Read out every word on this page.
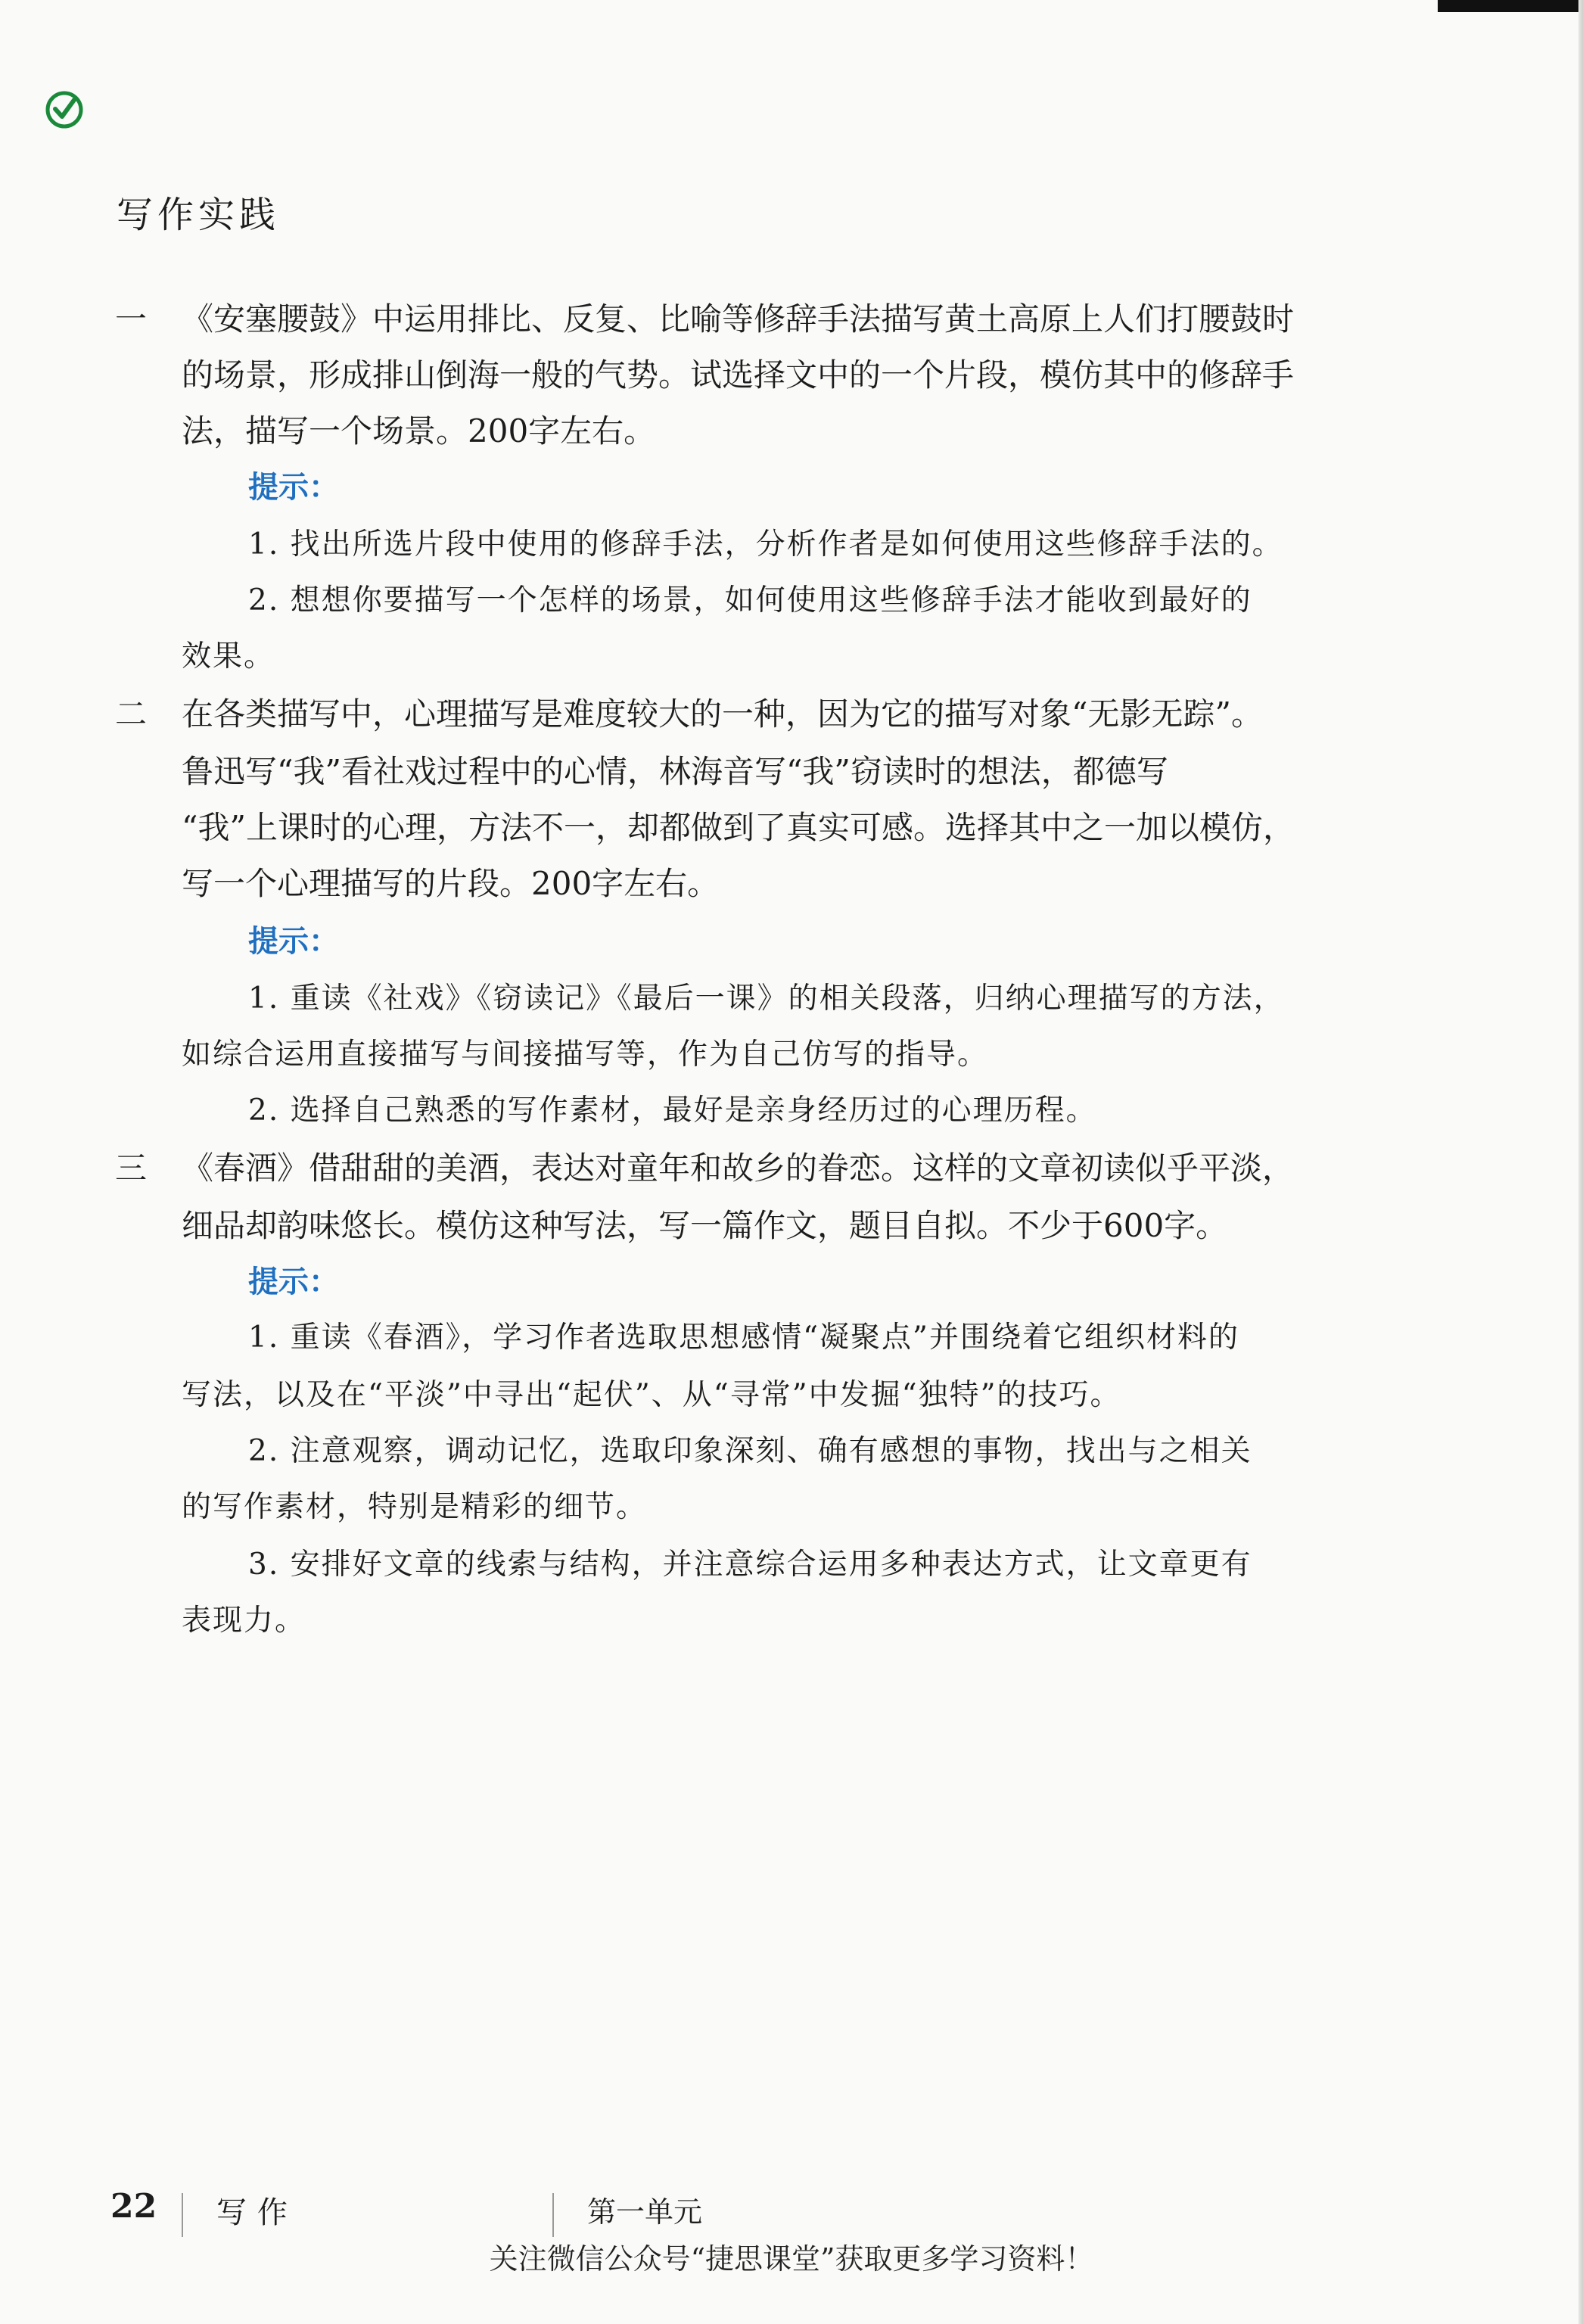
写作实践
一 《安塞腰鼓》中运用排比、反复、比喻等修辞手法描写黄土高原上人们打腰鼓时
的场景，形成排山倒海一般的气势。试选择文中的一个片段，模仿其中的修辞手
法，描写一个场景。200字左右。
提示：
1. 找出所选片段中使用的修辞手法，分析作者是如何使用这些修辞手法的。
2. 想想你要描写一个怎样的场景，如何使用这些修辞手法才能收到最好的
效果。
二 在各类描写中，心理描写是难度较大的一种，因为它的描写对象“无影无踪”。
鲁迅写“我”看社戏过程中的心情，林海音写“我”窃读时的想法，都德写
“我”上课时的心理，方法不一，却都做到了真实可感。选择其中之一加以模仿，
写一个心理描写的片段。200字左右。
提示：
1. 重读《社戏》《窃读记》《最后一课》的相关段落，归纳心理描写的方法，
如综合运用直接描写与间接描写等，作为自己仿写的指导。
2. 选择自己熟悉的写作素材，最好是亲身经历过的心理历程。
三 《春酒》借甜甜的美酒，表达对童年和故乡的眷恋。这样的文章初读似乎平淡，
细品却韵味悠长。模仿这种写法，写一篇作文，题目自拟。不少于600字。
提示：
1. 重读《春酒》，学习作者选取思想感情“凝聚点”并围绕着它组织材料的
写法，以及在“平淡”中寻出“起伏”、从“寻常”中发掘“独特”的技巧。
2. 注意观察，调动记忆，选取印象深刻、确有感想的事物，找出与之相关
的写作素材，特别是精彩的细节。
3. 安排好文章的线索与结构，并注意综合运用多种表达方式，让文章更有
表现力。
22 写作	第一单元
关注微信公众号“捷思课堂”获取更多学习资料！
